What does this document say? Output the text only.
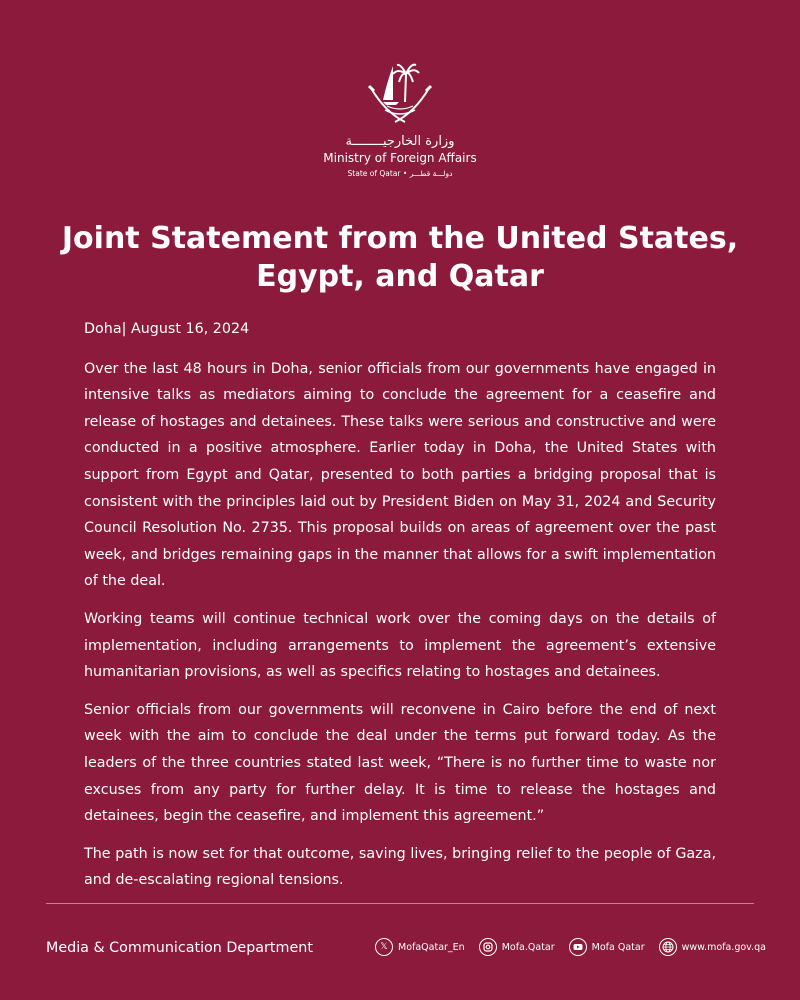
وزارة الخارجيــــــــة
Ministry of Foreign Affairs
State of Qatar • دولـــة قطـــر
Joint Statement from the United States,
Egypt, and Qatar

Doha| August 16, 2024

Over the last 48 hours in Doha, senior officials from our governments have engaged in intensive talks as mediators aiming to conclude the agreement for a ceasefire and release of hostages and detainees. These talks were serious and constructive and were conducted in a positive atmosphere. Earlier today in Doha, the United States with support from Egypt and Qatar, presented to both parties a bridging proposal that is consistent with the principles laid out by President Biden on May 31, 2024 and Security Council Resolution No. 2735. This proposal builds on areas of agreement over the past week, and bridges remaining gaps in the manner that allows for a swift implementation of the deal.

Working teams will continue technical work over the coming days on the details of implementation, including arrangements to implement the agreement’s extensive humanitarian provisions, as well as specifics relating to hostages and detainees.

Senior officials from our governments will reconvene in Cairo before the end of next week with the aim to conclude the deal under the terms put forward today. As the leaders of the three countries stated last week, “There is no further time to waste nor excuses from any party for further delay. It is time to release the hostages and detainees, begin the ceasefire, and implement this agreement.”

The path is now set for that outcome, saving lives, bringing relief to the people of Gaza, and de-escalating regional tensions.

Media & Communication Department	𝕏	MofaQatar_En	Mofa.Qatar	Mofa Qatar	www.mofa.gov.qa
